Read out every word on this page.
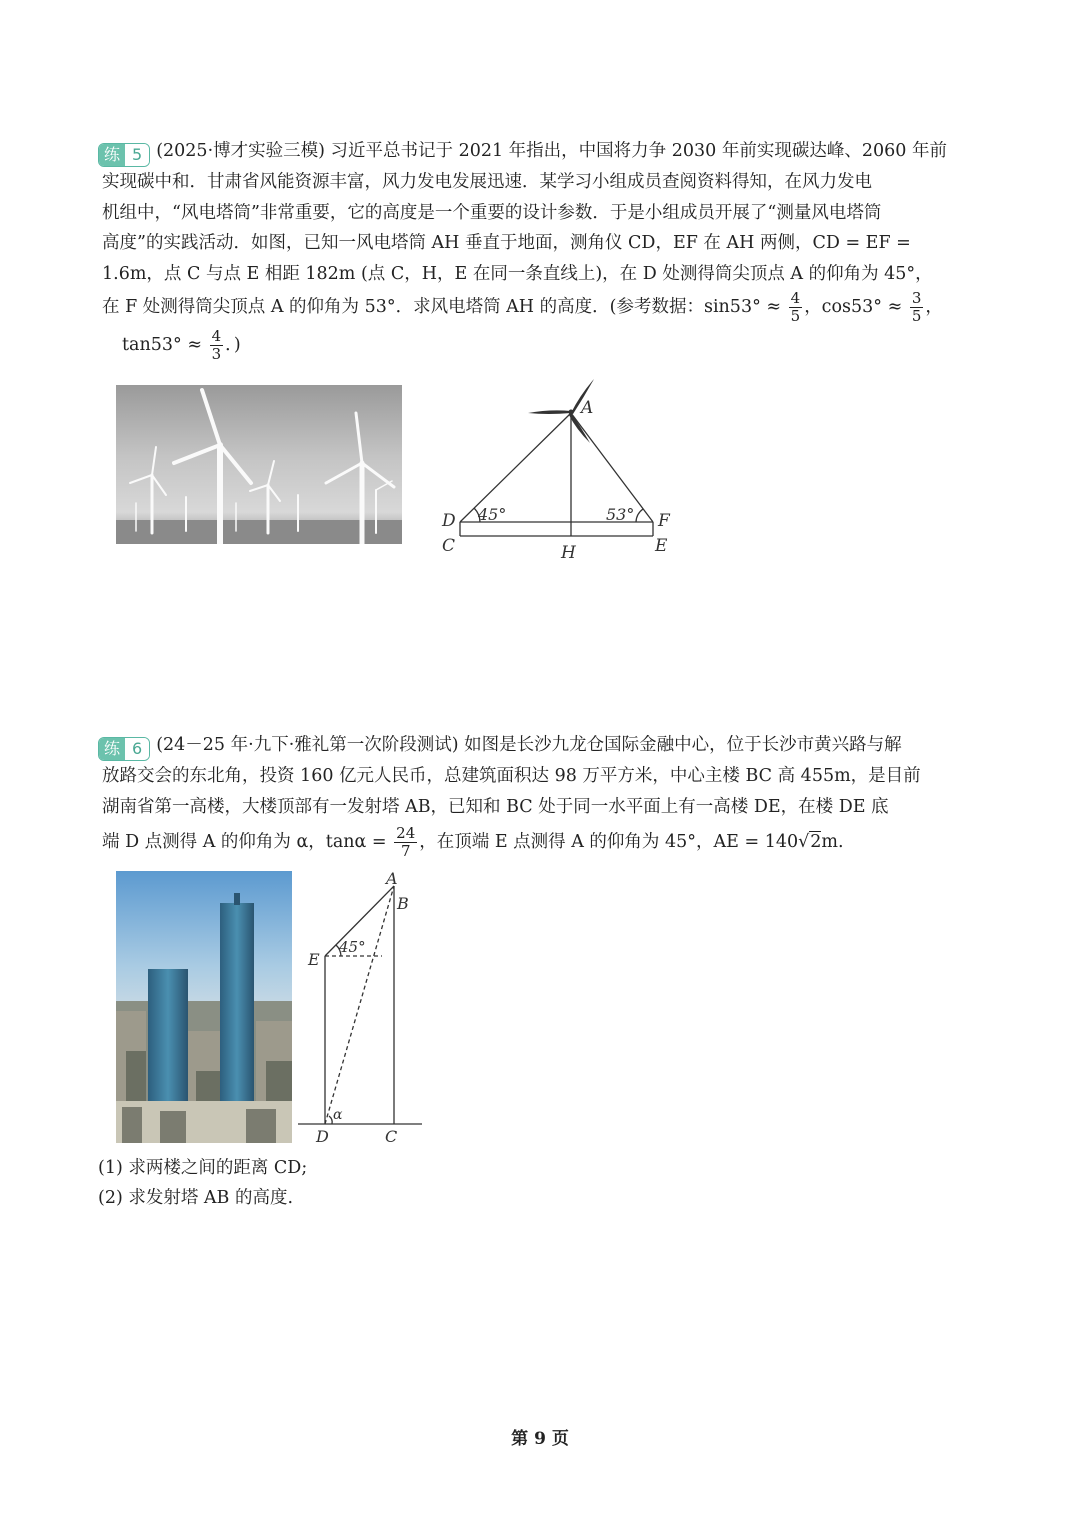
练 5 (2025·博才实验三模) 习近平总书记于 2021 年指出，中国将力争 2030 年前实现碳达峰、2060 年前
实现碳中和．甘肃省风能资源丰富，风力发电发展迅速．某学习小组成员查阅资料得知，在风力发电
机组中，“风电塔筒”非常重要，它的高度是一个重要的设计参数．于是小组成员开展了“测量风电塔筒
高度”的实践活动．如图，已知一风电塔筒 AH 垂直于地面，测角仪 CD，EF 在 AH 两侧，CD = EF =
1.6m，点 C 与点 E 相距 182m (点 C，H，E 在同一条直线上)，在 D 处测得筒尖顶点 A 的仰角为 45°，
在 F 处测得筒尖顶点 A 的仰角为 53°．求风电塔筒 AH 的高度．(参考数据：$\sin 53^\circ \approx \frac{4}{5}$ ，$\cos 53^\circ \approx \frac{3}{5}$ ，
$\tan 53^\circ \approx \frac{4}{3}$ ．)
A
D
C	H
F
E
45°	53°
练 6 (24－25 年·九下·雅礼第一次阶段测试) 如图是长沙九龙仓国际金融中心，位于长沙市黄兴路与解
放路交会的东北角，投资 160 亿元人民币，总建筑面积达 98 万平方米，中心主楼 BC 高 455m，是目前
湖南省第一高楼，大楼顶部有一发射塔 AB，已知和 BC 处于同一水平面上有一高楼 DE，在楼 DE 底
端 D 点测得 A 的仰角为 α，$\tan\alpha = \frac{24}{7}$ ，在顶端 E 点测得 A 的仰角为 45°，AE = 140√2m.
A
B
E
D	C
45°
α
(1) 求两楼之间的距离 CD;
(2) 求发射塔 AB 的高度.
第 9 页
